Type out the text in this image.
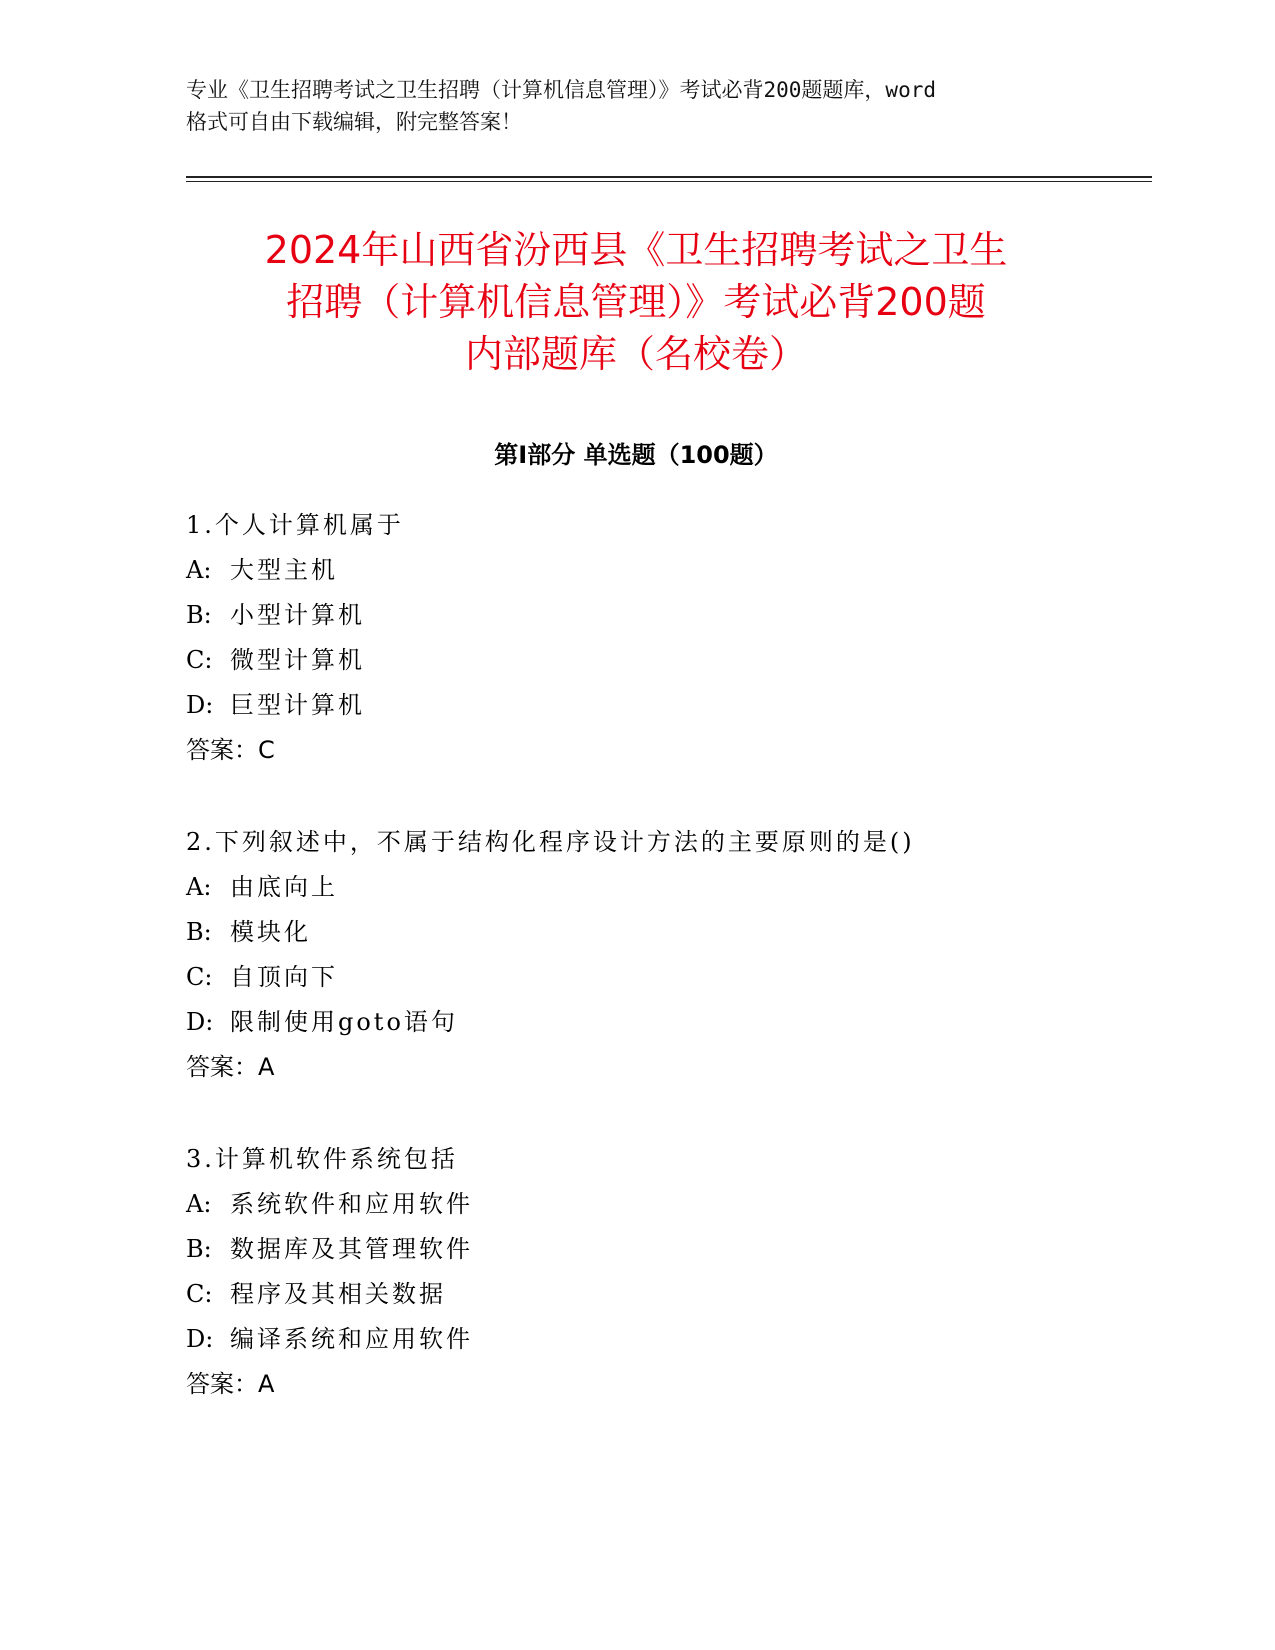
专业《卫生招聘考试之卫生招聘（计算机信息管理）》考试必背200题题库，word
格式可自由下载编辑，附完整答案！
2024年山西省汾西县《卫生招聘考试之卫生
招聘（计算机信息管理）》考试必背200题
内部题库（名校卷）
第Ⅰ部分 单选题（100题）
1.个人计算机属于
A: 大型主机
B: 小型计算机
C: 微型计算机
D: 巨型计算机
答案：C
2.下列叙述中，不属于结构化程序设计方法的主要原则的是()
A: 由底向上
B: 模块化
C: 自顶向下
D: 限制使用goto语句
答案：A
3.计算机软件系统包括
A: 系统软件和应用软件
B: 数据库及其管理软件
C: 程序及其相关数据
D: 编译系统和应用软件
答案：A
